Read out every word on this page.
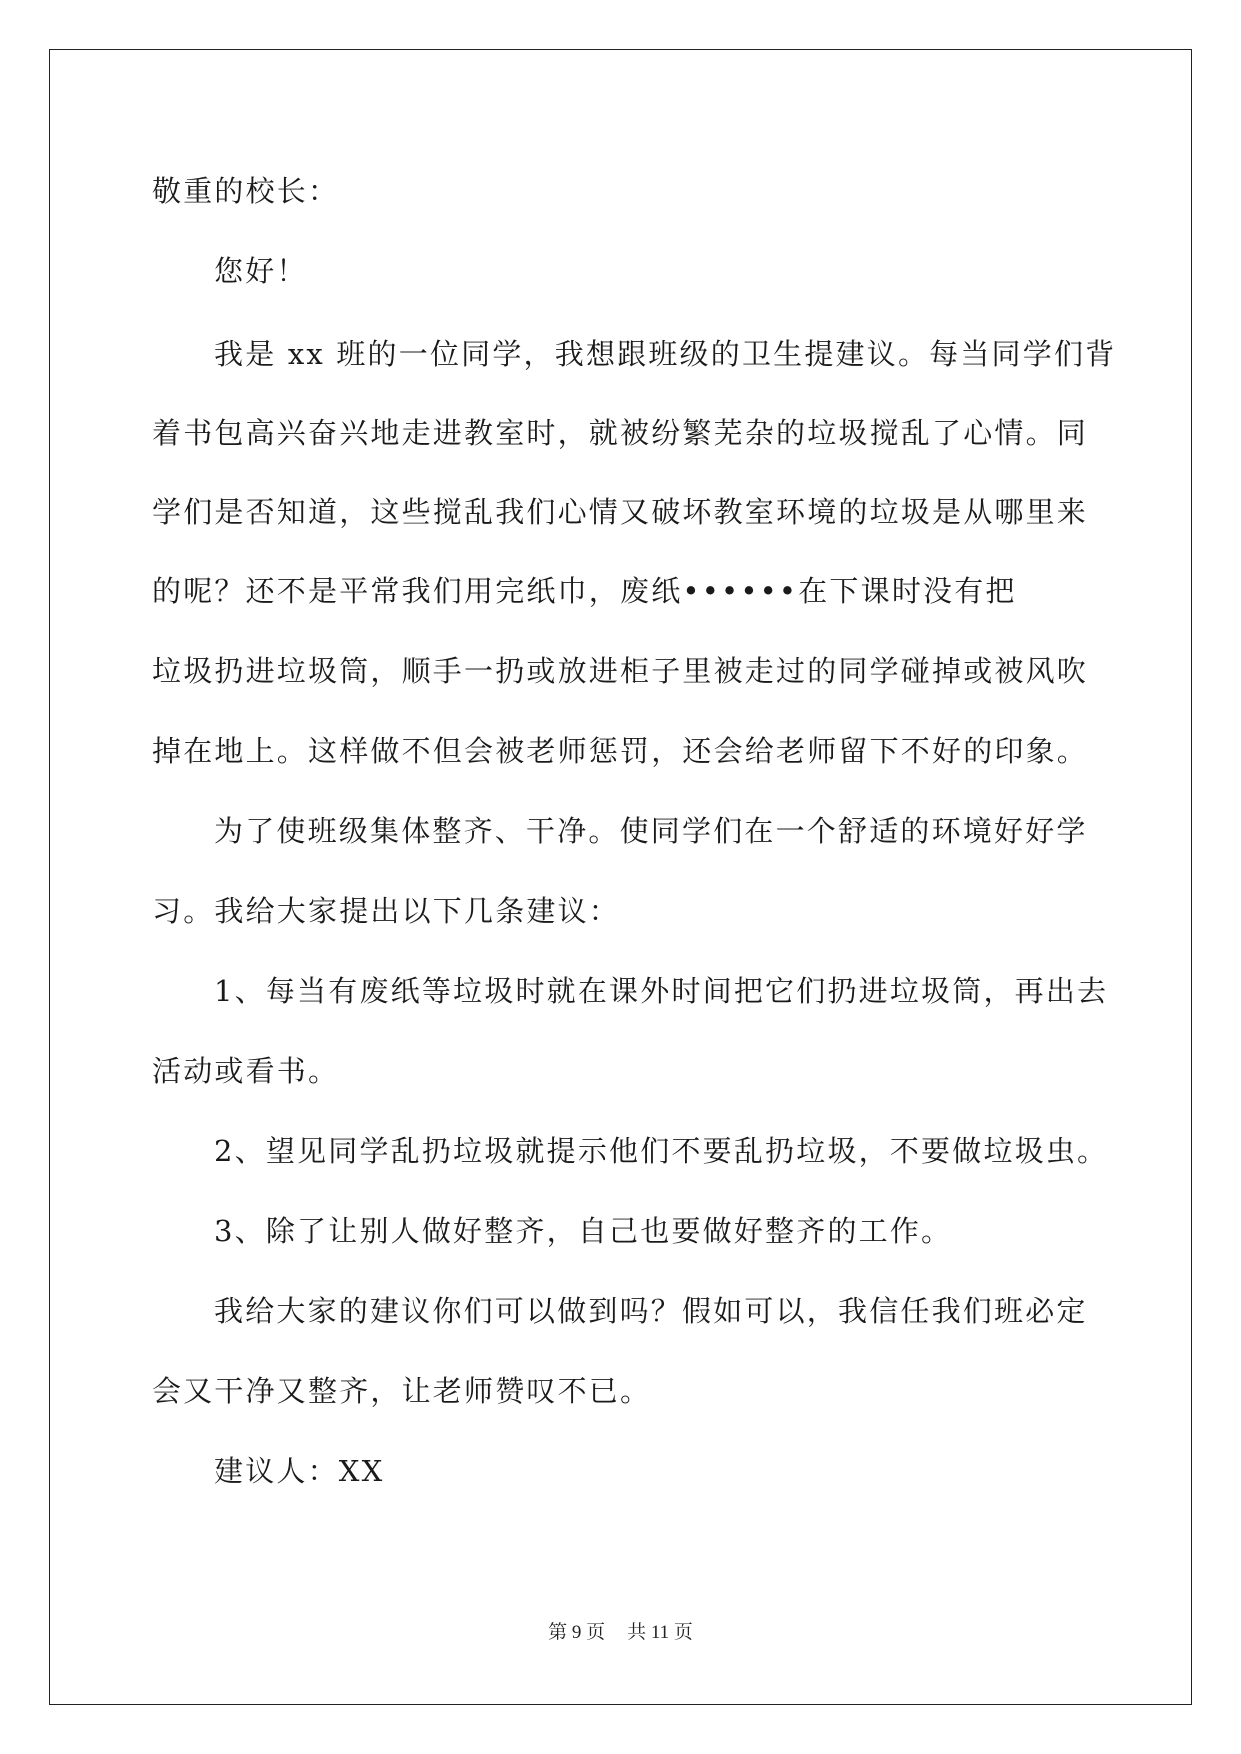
敬重的校长：
您好！
我是 xx 班的一位同学，我想跟班级的卫生提建议。每当同学们背
着书包高兴奋兴地走进教室时，就被纷繁芜杂的垃圾搅乱了心情。同
学们是否知道，这些搅乱我们心情又破坏教室环境的垃圾是从哪里来
的呢？还不是平常我们用完纸巾，废纸••••••在下课时没有把
垃圾扔进垃圾筒，顺手一扔或放进柜子里被走过的同学碰掉或被风吹
掉在地上。这样做不但会被老师惩罚，还会给老师留下不好的印象。
为了使班级集体整齐、干净。使同学们在一个舒适的环境好好学
习。我给大家提出以下几条建议：
1、每当有废纸等垃圾时就在课外时间把它们扔进垃圾筒，再出去
活动或看书。
2、望见同学乱扔垃圾就提示他们不要乱扔垃圾，不要做垃圾虫。
3、除了让别人做好整齐，自己也要做好整齐的工作。
我给大家的建议你们可以做到吗？假如可以，我信任我们班必定
会又干净又整齐，让老师赞叹不已。
建议人：XX
第 9 页 共 11 页
